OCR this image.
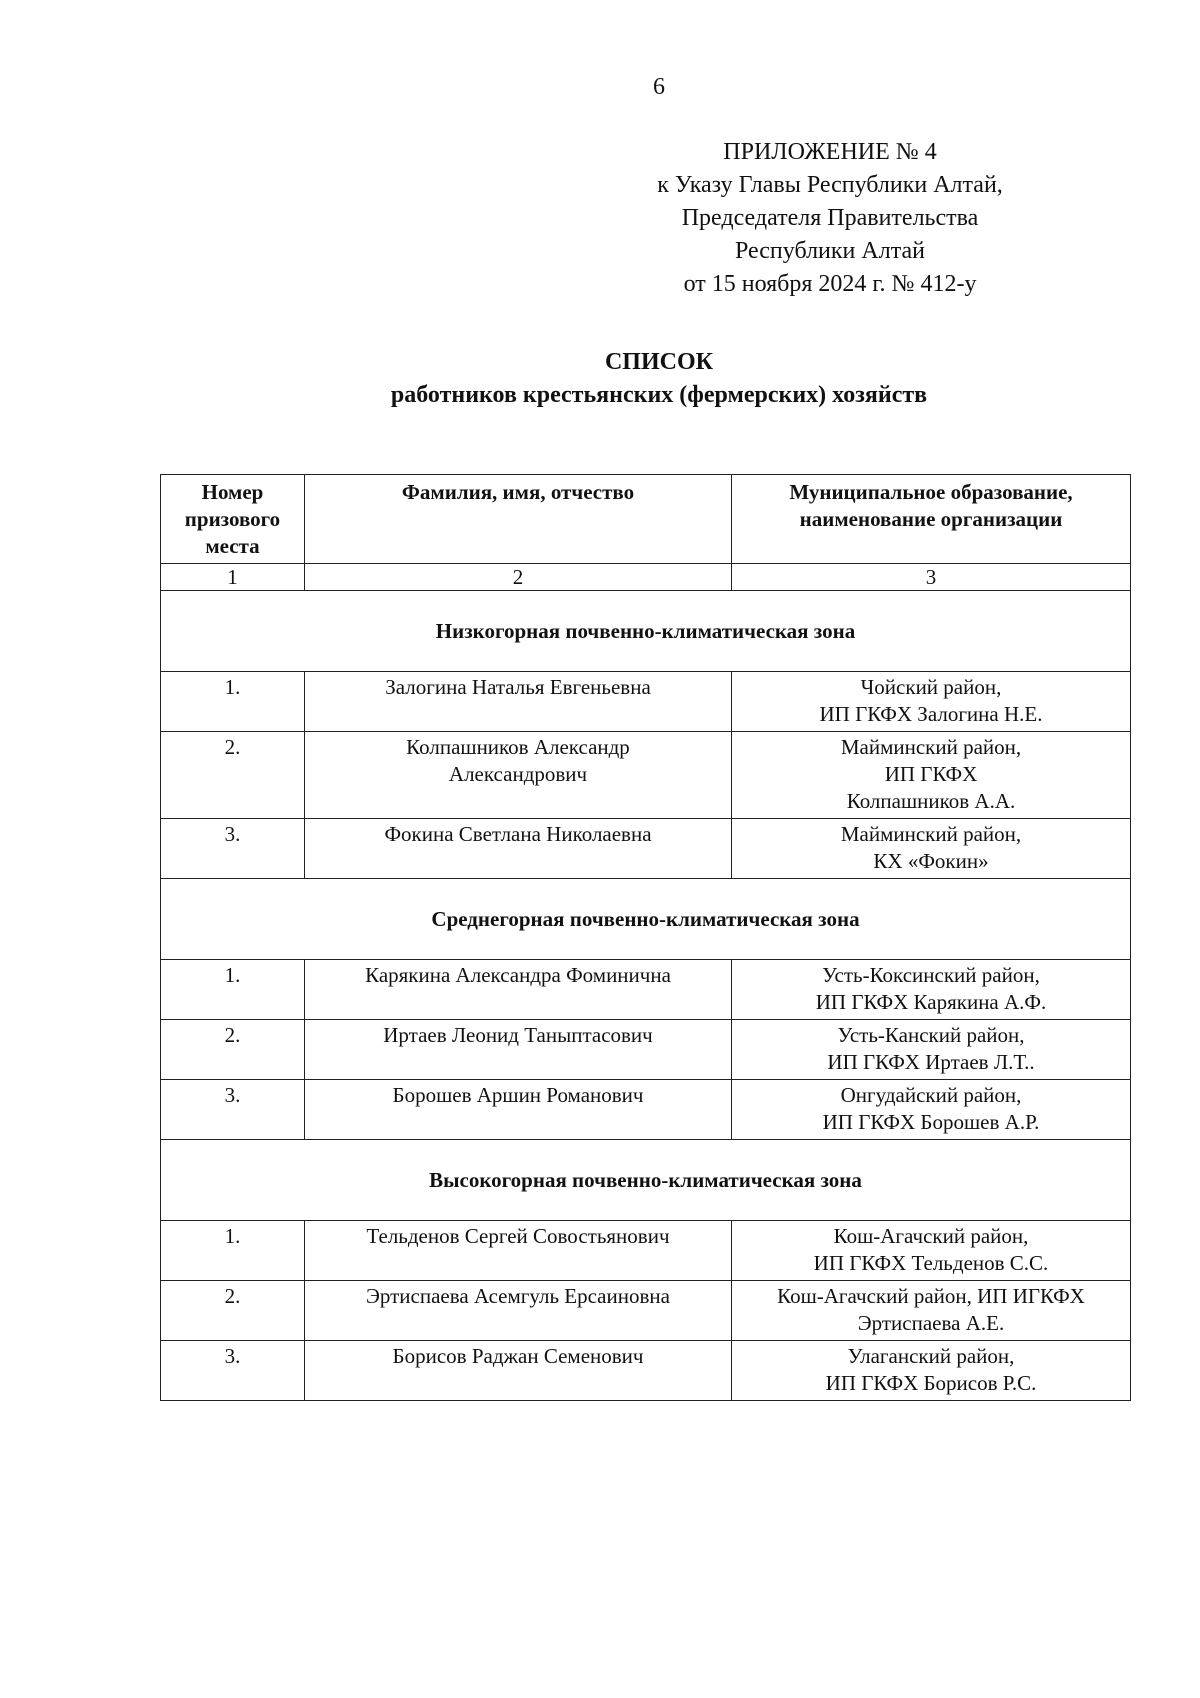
6
ПРИЛОЖЕНИЕ № 4
к Указу Главы Республики Алтай,
Председателя Правительства
Республики Алтай
от 15 ноября 2024 г. № 412-у
СПИСОК
работников крестьянских (фермерских) хозяйств
Номер
призового
места	Фамилия, имя, отчество	Муниципальное образование,
наименование организации

1	2	3
Низкогорная почвенно-климатическая зона		
1.	Залогина Наталья Евгеньевна	Чойский район,
ИП ГКФХ Залогина Н.Е.

2.	Колпашников Александр
Александрович	Майминский район,
ИП ГКФХ
Колпашников А.А.

3.	Фокина Светлана Николаевна	Майминский район,
КХ «Фокин»

Среднегорная почвенно-климатическая зона		
1.	Карякина Александра Фоминична	Усть-Коксинский район,
ИП ГКФХ Карякина А.Ф.

2.	Иртаев Леонид Таныптасович	Усть-Канский район,
ИП ГКФХ Иртаев Л.Т..

3.	Борошев Аршин Романович	Онгудайский район,
ИП ГКФХ Борошев А.Р.

Высокогорная почвенно-климатическая зона		
1.	Тельденов Сергей Совостьянович	Кош-Агачский район,
ИП ГКФХ Тельденов С.С.

2.	Эртиспаева Асемгуль Ерсаиновна	Кош-Агачский район, ИП ИГКФХ
Эртиспаева А.Е.

3.	Борисов Раджан Семенович	Улаганский район,
ИП ГКФХ Борисов Р.С.
